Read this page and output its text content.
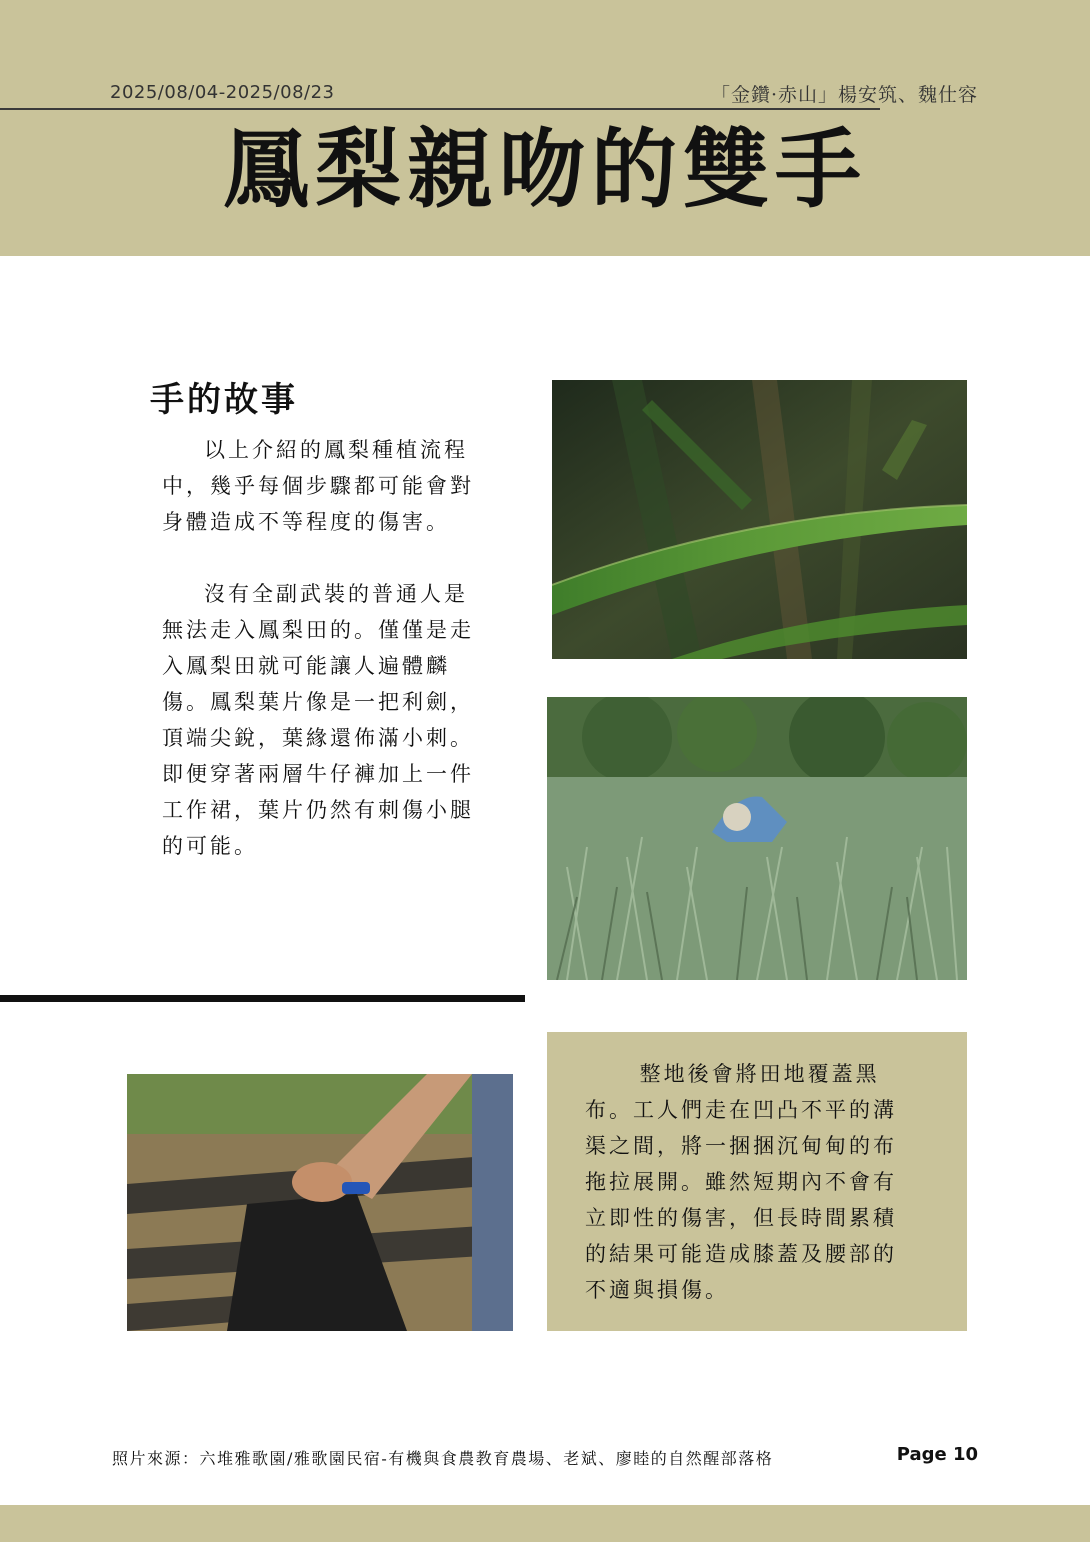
2025/08/04-2025/08/23	「金鑽·赤山」楊安筑、魏仕容
鳳梨親吻的雙手
手的故事

以上介紹的鳳梨種植流程中，幾乎每個步驟都可能會對身體造成不等程度的傷害。

沒有全副武裝的普通人是無法走入鳳梨田的。僅僅是走入鳳梨田就可能讓人遍體麟傷。鳳梨葉片像是一把利劍，頂端尖銳，葉緣還佈滿小刺。即便穿著兩層牛仔褲加上一件工作裙，葉片仍然有刺傷小腿的可能。

整地後會將田地覆蓋黑布。工人們走在凹凸不平的溝渠之間，將一捆捆沉甸甸的布拖拉展開。雖然短期內不會有立即性的傷害，但長時間累積的結果可能造成膝蓋及腰部的不適與損傷。

照片來源：六堆雅歌園/雅歌園民宿-有機與食農教育農場、老斌、廖睦的自然醒部落格	Page 10
